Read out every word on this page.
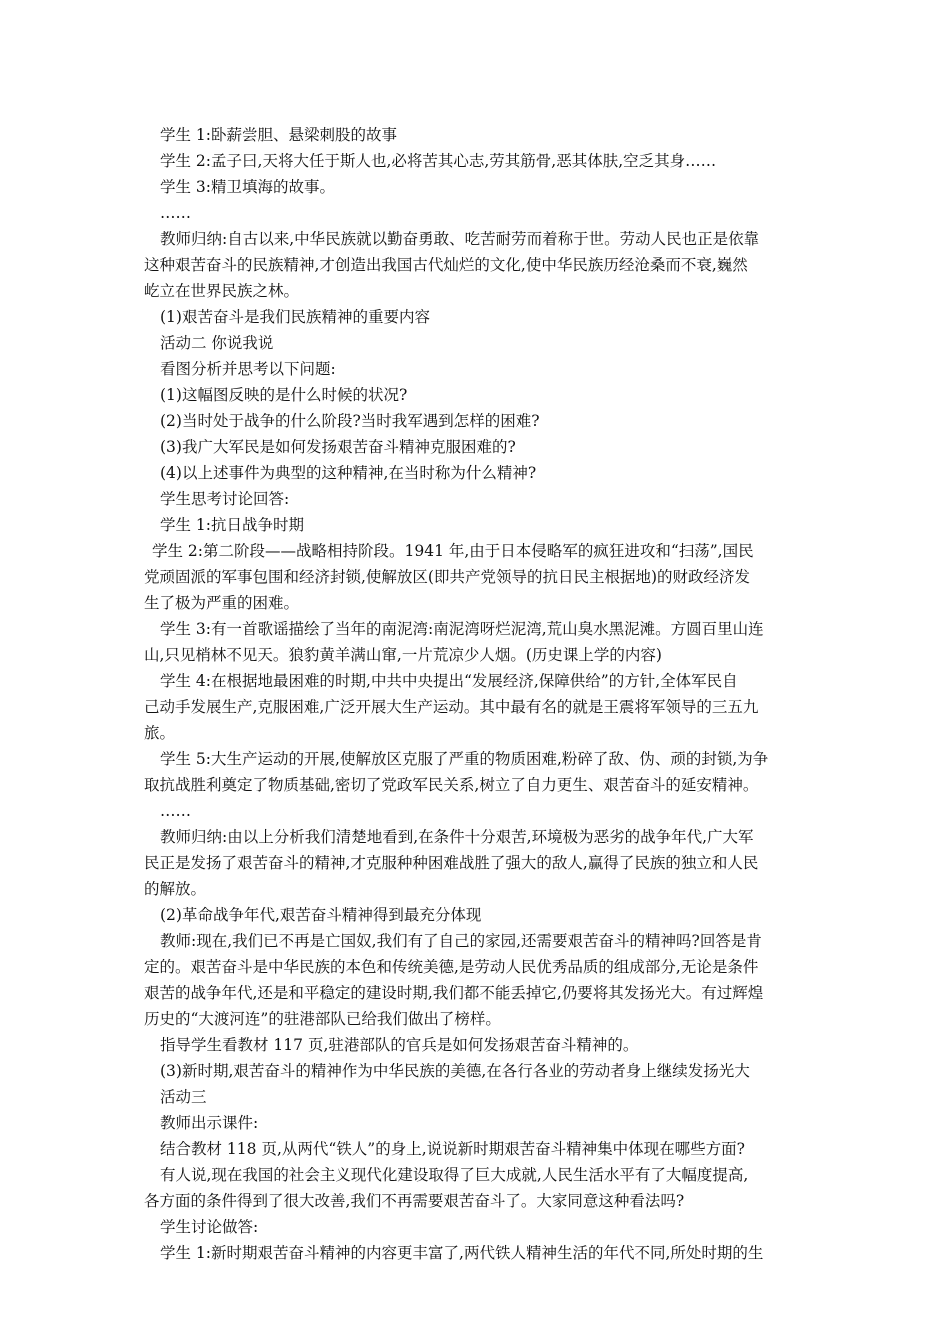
学生 1:卧薪尝胆、悬梁刺股的故事
学生 2:孟子曰,天将大任于斯人也,必将苦其心志,劳其筋骨,恶其体肤,空乏其身……
学生 3:精卫填海的故事。
……
教师归纳:自古以来,中华民族就以勤奋勇敢、吃苦耐劳而着称于世。劳动人民也正是依靠
这种艰苦奋斗的民族精神,才创造出我国古代灿烂的文化,使中华民族历经沧桑而不衰,巍然
屹立在世界民族之林。
(1)艰苦奋斗是我们民族精神的重要内容
活动二 你说我说
看图分析并思考以下问题:
(1)这幅图反映的是什么时候的状况?
(2)当时处于战争的什么阶段?当时我军遇到怎样的困难?
(3)我广大军民是如何发扬艰苦奋斗精神克服困难的?
(4)以上述事件为典型的这种精神,在当时称为什么精神?
学生思考讨论回答:
学生 1:抗日战争时期
学生 2:第二阶段——战略相持阶段。1941 年,由于日本侵略军的疯狂进攻和“扫荡”,国民
党顽固派的军事包围和经济封锁,使解放区(即共产党领导的抗日民主根据地)的财政经济发
生了极为严重的困难。
学生 3:有一首歌谣描绘了当年的南泥湾:南泥湾呀烂泥湾,荒山臭水黑泥滩。方圆百里山连
山,只见梢林不见天。狼豹黄羊满山窜,一片荒凉少人烟。(历史课上学的内容)
学生 4:在根据地最困难的时期,中共中央提出“发展经济,保障供给”的方针,全体军民自
己动手发展生产,克服困难,广泛开展大生产运动。其中最有名的就是王震将军领导的三五九
旅。
学生 5:大生产运动的开展,使解放区克服了严重的物质困难,粉碎了敌、伪、顽的封锁,为争
取抗战胜利奠定了物质基础,密切了党政军民关系,树立了自力更生、艰苦奋斗的延安精神。
……
教师归纳:由以上分析我们清楚地看到,在条件十分艰苦,环境极为恶劣的战争年代,广大军
民正是发扬了艰苦奋斗的精神,才克服种种困难战胜了强大的敌人,赢得了民族的独立和人民
的解放。
(2)革命战争年代,艰苦奋斗精神得到最充分体现
教师:现在,我们已不再是亡国奴,我们有了自己的家园,还需要艰苦奋斗的精神吗?回答是肯
定的。艰苦奋斗是中华民族的本色和传统美德,是劳动人民优秀品质的组成部分,无论是条件
艰苦的战争年代,还是和平稳定的建设时期,我们都不能丢掉它,仍要将其发扬光大。有过辉煌
历史的“大渡河连”的驻港部队已给我们做出了榜样。
指导学生看教材 117 页,驻港部队的官兵是如何发扬艰苦奋斗精神的。
(3)新时期,艰苦奋斗的精神作为中华民族的美德,在各行各业的劳动者身上继续发扬光大
活动三
教师出示课件:
结合教材 118 页,从两代“铁人”的身上,说说新时期艰苦奋斗精神集中体现在哪些方面?
有人说,现在我国的社会主义现代化建设取得了巨大成就,人民生活水平有了大幅度提高,
各方面的条件得到了很大改善,我们不再需要艰苦奋斗了。大家同意这种看法吗?
学生讨论做答:
学生 1:新时期艰苦奋斗精神的内容更丰富了,两代铁人精神生活的年代不同,所处时期的生
